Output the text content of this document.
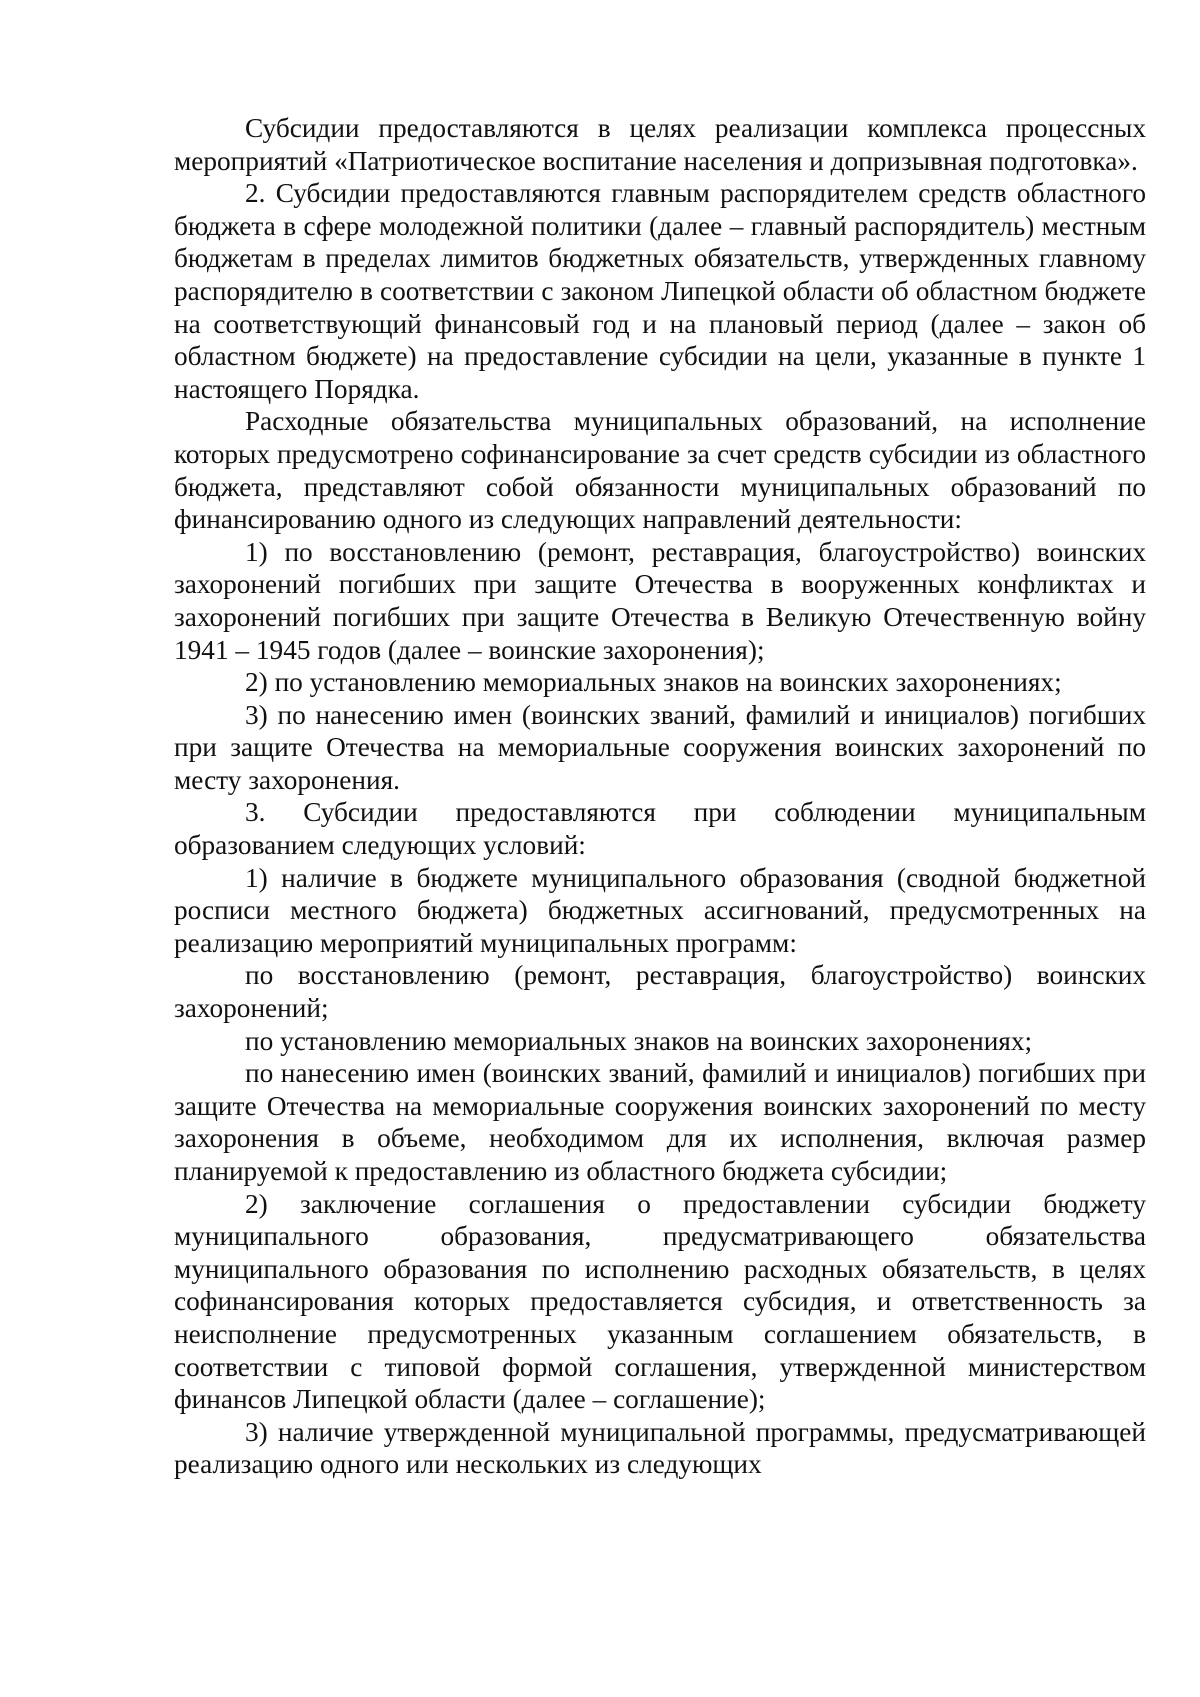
Субсидии предоставляются в целях реализации комплекса процессных мероприятий «Патриотическое воспитание населения и допризывная подготовка».

2. Субсидии предоставляются главным распорядителем средств областного бюджета в сфере молодежной политики (далее – главный распорядитель) местным бюджетам в пределах лимитов бюджетных обязательств, утвержденных главному распорядителю в соответствии с законом Липецкой области об областном бюджете на соответствующий финансовый год и на плановый период (далее – закон об областном бюджете) на предоставление субсидии на цели, указанные в пункте 1 настоящего Порядка.

Расходные обязательства муниципальных образований, на исполнение которых предусмотрено софинансирование за счет средств субсидии из областного бюджета, представляют собой обязанности муниципальных образований по финансированию одного из следующих направлений деятельности:

1) по восстановлению (ремонт, реставрация, благоустройство) воинских захоронений погибших при защите Отечества в вооруженных конфликтах и захоронений погибших при защите Отечества в Великую Отечественную войну 1941 – 1945 годов (далее – воинские захоронения);

2) по установлению мемориальных знаков на воинских захоронениях;

3) по нанесению имен (воинских званий, фамилий и инициалов) погибших при защите Отечества на мемориальные сооружения воинских захоронений по месту захоронения.

3. Субсидии предоставляются при соблюдении муниципальным образованием следующих условий:

1) наличие в бюджете муниципального образования (сводной бюджетной росписи местного бюджета) бюджетных ассигнований, предусмотренных на реализацию мероприятий муниципальных программ:

по восстановлению (ремонт, реставрация, благоустройство) воинских захоронений;

по установлению мемориальных знаков на воинских захоронениях;

по нанесению имен (воинских званий, фамилий и инициалов) погибших при защите Отечества на мемориальные сооружения воинских захоронений по месту захоронения в объеме, необходимом для их исполнения, включая размер планируемой к предоставлению из областного бюджета субсидии;

2) заключение соглашения о предоставлении субсидии бюджету муниципального образования, предусматривающего обязательства муниципального образования по исполнению расходных обязательств, в целях софинансирования которых предоставляется субсидия, и ответственность за неисполнение предусмотренных указанным соглашением обязательств, в соответствии с типовой формой соглашения, утвержденной министерством финансов Липецкой области (далее – соглашение);

3) наличие утвержденной муниципальной программы, предусматривающей реализацию одного или нескольких из следующих
